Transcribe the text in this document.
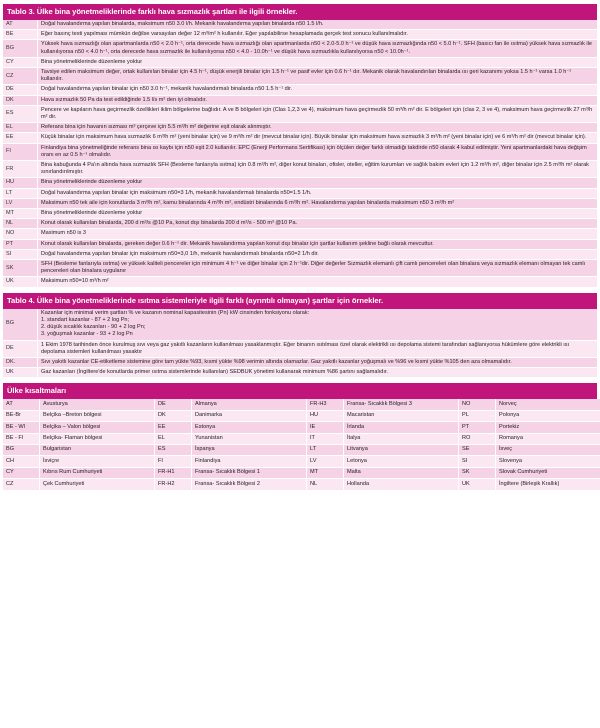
Tablo 3. Ülke bina yönetmeliklerinde farklı hava sızmazlık şartları ile ilgili örnekler.
AT	Doğal havalandırma yapılan binalarda, maksimum n50 3.0 l/h. Mekanik havalandırma yapılan binalarda n50 1.5 l/h.
BE	Eğer basınç testi yapılması mümkün değilse varsayılan değer 12 m³/m² h kullanılır. Eğer yapılabilirse hesaplamada gerçek test sonucu kullanılmalıdır.
BG	Yüksek hava sızmazlığı olan apartmanlarda n50 < 2.0 h⁻¹, orta derecede hava sızmazlığı olan apartmanlarda n50 < 2.0-5.0 h⁻¹ ve düşük hava sızmazlığında n50 < 5.0 h⁻¹. SFH (basıcı fan ile ısıtma) yüksek hava sızmazlık ile kullanılıyorsa n50 < 4.0 h⁻¹, orta derecede hava sızmazlık ile kullanılıyorsa n50 < 4.0 - 10.0h⁻¹ ve düşük hava sızmazlıkla kullanılıyorsa n50 < 10.0h⁻¹.
CY	Bina yönetmeliklerinde düzenleme yoktur
CZ	Tavsiye edilen maksimum değer, ortak kullanılan binalar için 4.5 h⁻¹, düşük enerjili binalar için 1.5 h⁻¹ ve pasif evler için 0.6 h⁻¹ dır. Mekanik olarak havalandırılan binalarda ısı geri kazanımı yoksa 1.5 h⁻¹ varsa 1.0 h⁻¹ kullanılır.
DE	Doğal havalandırma yapılan binalar için n50 3.0 h⁻¹, mekanik havalandırmalı binalarda n50 1.5 h⁻¹ dir.
DK	Hava sızmazlık 50 Pa da test edildiğinde 1.5 l/s m² den iyi olmalıdır.
ES	Pencere ve kapıların hava geçirmezlik özellikleri iklim bölgelerine bağlıdır. A ve B bölgeleri için (Clas 1,2,3 ve 4), maksimum hava geçirmezlik 50 m³/h m² dir. E bölgeleri için (clas 2, 3 ve 4), maksimum hava geçirmezlik 27 m³/h m² dir.
EL	Referans bina için havanın sızması m³ çerçeve için 5.5 m³/h m² değerine eşit olarak alınmıştır.
EE	Küçük binalar için maksimum hava sızmazlık 6 m³/h m² (yeni binalar için) ve 9 m³/h m² dir (mevcut binalar için). Büyük binalar için maksimum hava sızmazlık 3 m³/h m² (yeni binalar için) ve 6 m³/h m² dir (mevcut binalar için).
FI	Finlandiya bina yönetmeliğinde referans bina ısı kaybı için n50 eşit 2.0 kullanılır. EPC (Enerji Performans Sertifikası) için ölçülen değer farklı olmadığı takdirde n50 olarak 4 kabul edilmiştir. Yeni apartmanlardaki hava değişim oranı en az 0.5 h⁻¹ olmalıdır.
FR	Bina kabuğunda 4 Pa'ın altında hava sızmazlık SFH (Besleme fanlarıyla ısıtma) için 0.8 m³/h m², diğer konut binaları, ofisler, oteller, eğitim kurumları ve sağlık bakım evleri için 1.2 m³/h m², diğer binalar için 2.5 m³/h m² olarak sınırlandırılmıştır.
HU	Bina yönetmeliklerinde düzenleme yoktur
LT	Doğal havalandırma yapılan binalar için maksimum n50=3 1/h, mekanik havalandırmalı binalarda n50=1.5 1/h.
LV	Maksimum n50 tek aile için konutlarda 3 m³/h m², kamu binalarında 4 m³/h m², endüstri binalarında 6 m³/h m². Havalandırma yapılan binalarda maksimum n50 3 m³/h m²
MT	Bina yönetmeliklerinde düzenleme yoktur
NL	Konut olarak kullanılan binalarda, 200 d m³/s @10 Pa, konut dışı binalarda 200 d m³/s - 500 m³ @10 Pa.
NO	Maximum n50 is 3
PT	Konut olarak kullanılan binalarda, gereken değer 0.6 h⁻¹ dir. Mekanik havalandırma yapılan konut dışı binalar için şartlar kullanım şekline bağlı olarak mevcuttur.
SI	Doğal havalandırma yapılan binalar için maksimum n50=3,0 1/h, mekanik havalandırmalı binalarda n50=2 1/h dir.
SK	SFH (Besleme fanlarıyla ısıtma) ve yüksek kaliteli pencereler için minimum 4 h⁻¹ ve diğer binalar için 2 h⁻¹dir. Diğer değerler Sızmazlık elemanlı çift camlı pencereleri olan binalara veya sızmazlık elemanı olmayan tek camlı pencereleri olan binalara uygulanır
UK	Maksimum n50=10 m³/h m²
Tablo 4. Ülke bina yönetmeliklerinde ısıtma sistemleriyle ilgili farklı (ayrıntılı olmayan) şartlar için örnekler.
BG	Kazanlar için minimal verim şartları % ve kazanın nominal kapasitesinin (Pn) kW cinsinden fonksiyonu olarak:
1. standart kazanlar - 87 + 2 log Pn;
2. düşük sıcaklık kazanları - 90 + 2 log Pn;
3. yoğuşmalı kazanlar - 93 + 2 log Pn

DE	1 Ekim 1978 tarihinden önce kurulmuş sıvı veya gaz yakıtlı kazanların kullanılması yasaklanmıştır. Eğer binanın ısıtılması özel olarak elektrikli ısı depolama sistemi tarafından sağlanıyorsa hükümlere göre elektrikli ısı depolama sistemleri kullanılması yasaktır

DK.	Sıvı yakıtlı kazanlar CE-etiketleme sistemine göre tam yükte %93, kısmi yükte %98 verimin altında olamazlar. Gaz yakıtlı kazanlar yoğuşmalı ve %96 ve kısmi yükte %105 den aza olmamalıdır.

UK	Gaz kazanları (İngiltere'de konutlarda primer ısıtma sistemlerinde kullanılan) SEDBUK yönetimi kullanarak minimum %86 şartını sağlamalıdır.
Ülke kısaltmaları
AT	Avusturya	DE	Almanya	FR-H3	Fransa- Sıcaklık Bölgesi 3	NO	Norveç
BE-Br	Belçika –Breton bölgesi	DK	Danimarka	HU	Macaristan	PL	Polonya
BE - Wl	Belçika – Valon bölgesi	EE	Estonya	IE	İrlanda	PT	Portekiz
BE - Fl	Belçika- Flaman bölgesi	EL	Yunanistan	IT	İtalya	RO	Romanya
BG	Bulgaristan	ES	İspanya	LT	Litvanya	SE	İsveç
CH	İsviçre	FI	Finlandiya	LV	Letonya	SI	Slovenya
CY	Kıbrıs Rum Cumhuriyeti	FR-H1	Fransa- Sıcaklık Bölgesi 1	MT	Malta	SK	Slovak Cumhuriyeti
CZ	Çek Cumhuriyeti	FR-H2	Fransa- Sıcaklık Bölgesi 2	NL	Hollanda	UK	İngiltere (Birleşik Krallık)
